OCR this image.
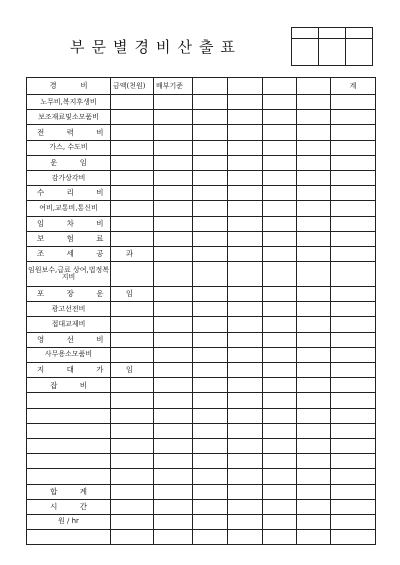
부문별경비산출표

경          비	금액(천원)	배부기준					계
노무비,복지후생비							
보조재료및소모품비							
전 력 비							
가스, 수도비							
운 임							
감가상각비							
수 리 비							
여비,교통비,통신비							
임 차 비							
보 험 료							
조 세 공 과							
임원보수,급료 상여,법정복지비							
포 장 운 임							
광고선전비							
접대교제비							
영 선 비							
사무용소모품비							
지 대 가 임							
잡 비							

합 계							
시 간							
원 / hr							
